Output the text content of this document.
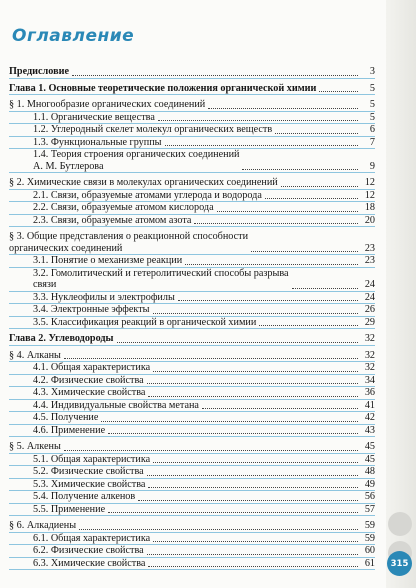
Оглавление
Предисловие	3
Глава 1. Основные теоретические положения органической химии	5
§ 1. Многообразие органических соединений	5
1.1. Органические вещества	5
1.2. Углеродный скелет молекул органических веществ	6
1.3. Функциональные группы	7
1.4. Теория строения органических соединений
А. М. Бутлерова	9
§ 2. Химические связи в молекулах органических соединений	12
2.1. Связи, образуемые атомами углерода и водорода	12
2.2. Связи, образуемые атомом кислорода	18
2.3. Связи, образуемые атомом азота	20
§ 3. Общие представления о реакционной способности
органических соединений	23
3.1. Понятие о механизме реакции	23
3.2. Гомолитический и гетеролитический способы разрыва
связи	24
3.3. Нуклеофилы и электрофилы	24
3.4. Электронные эффекты	26
3.5. Классификация реакций в органической химии	29
Глава 2. Углеводороды	32
§ 4. Алканы	32
4.1. Общая характеристика	32
4.2. Физические свойства	34
4.3. Химические свойства	36
4.4. Индивидуальные свойства метана	41
4.5. Получение	42
4.6. Применение	43
§ 5. Алкены	45
5.1. Общая характеристика	45
5.2. Физические свойства	48
5.3. Химические свойства	49
5.4. Получение алкенов	56
5.5. Применение	57
§ 6. Алкадиены	59
6.1. Общая характеристика	59
6.2. Физические свойства	60
6.3. Химические свойства	61	315
